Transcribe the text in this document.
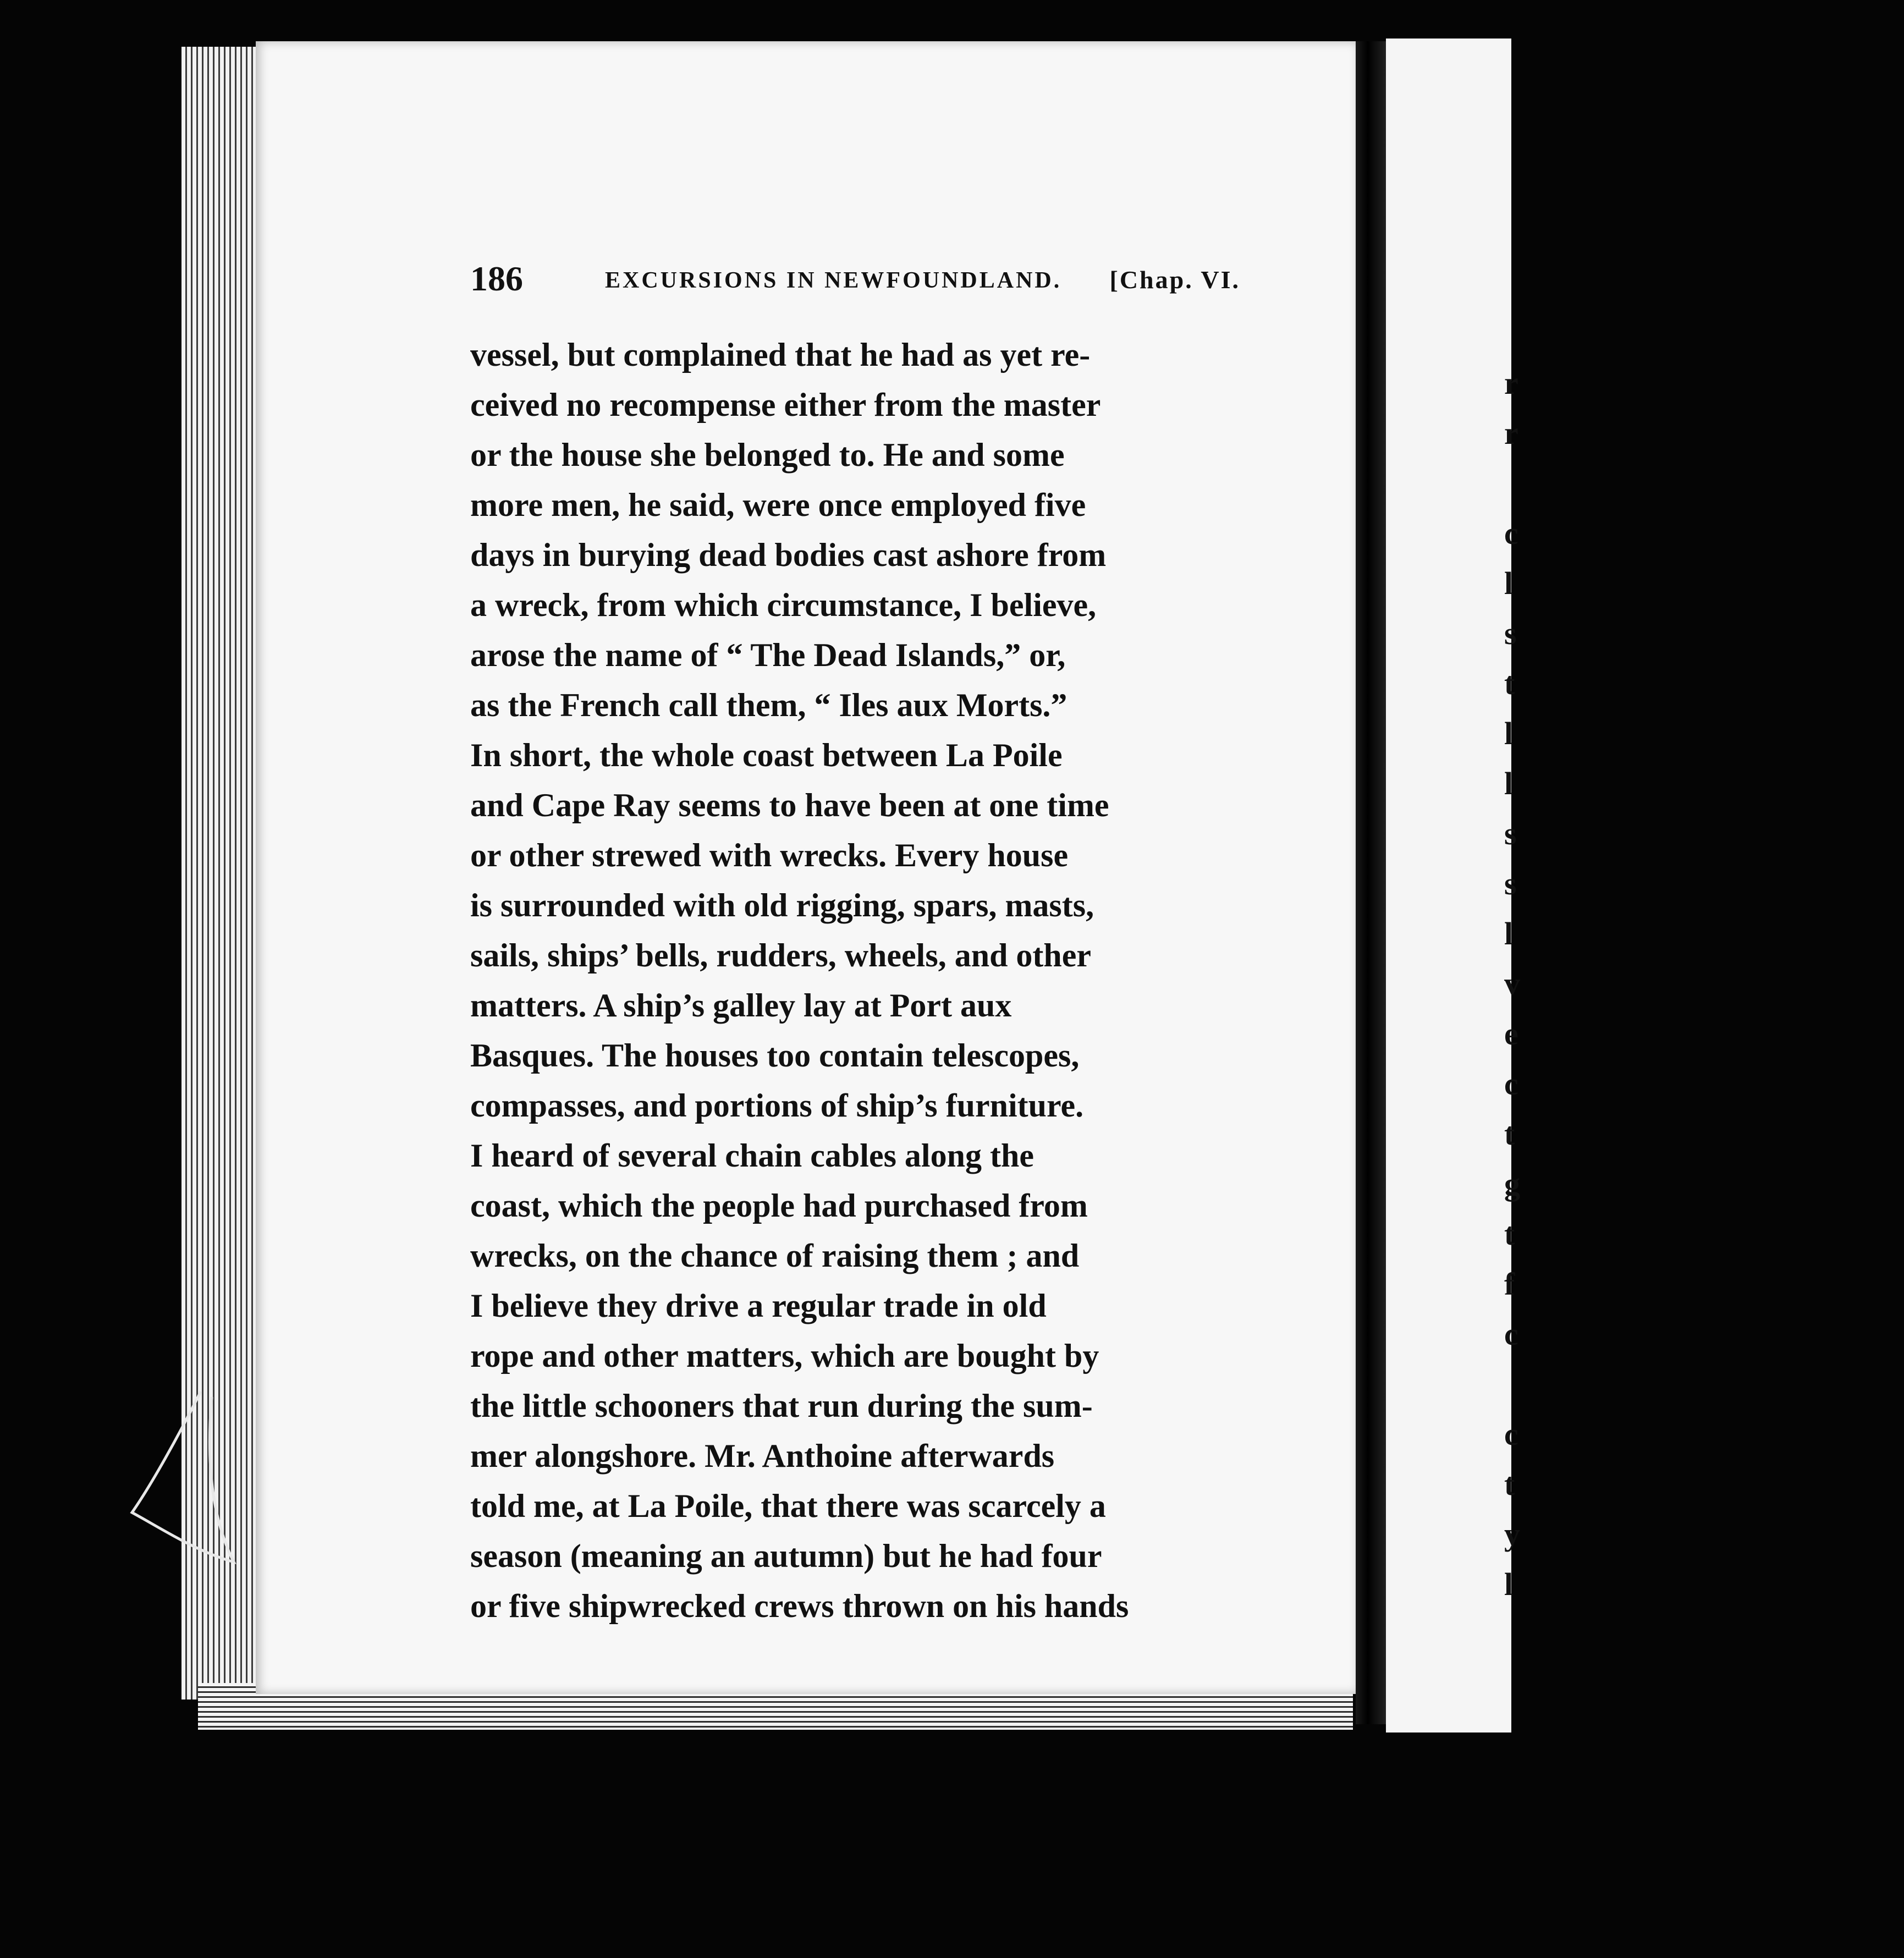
r
r
c
l
s
t
l
l
s
s
l
v
e
c
t
g
t
f
c
c
t
y
l
186	EXCURSIONS IN NEWFOUNDLAND. [Chap. VI.
vessel, but complained that he had as yet re-
ceived no recompense either from the master
or the house she belonged to. He and some
more men, he said, were once employed five
days in burying dead bodies cast ashore from
a wreck, from which circumstance, I believe,
arose the name of “ The Dead Islands,” or,
as the French call them, “ Iles aux Morts.”
In short, the whole coast between La Poile
and Cape Ray seems to have been at one time
or other strewed with wrecks. Every house
is surrounded with old rigging, spars, masts,
sails, ships’ bells, rudders, wheels, and other
matters. A ship’s galley lay at Port aux
Basques. The houses too contain telescopes,
compasses, and portions of ship’s furniture.
I heard of several chain cables along the
coast, which the people had purchased from
wrecks, on the chance of raising them ; and
I believe they drive a regular trade in old
rope and other matters, which are bought by
the little schooners that run during the sum-
mer alongshore. Mr. Anthoine afterwards
told me, at La Poile, that there was scarcely a
season (meaning an autumn) but he had four
or five shipwrecked crews thrown on his hands
